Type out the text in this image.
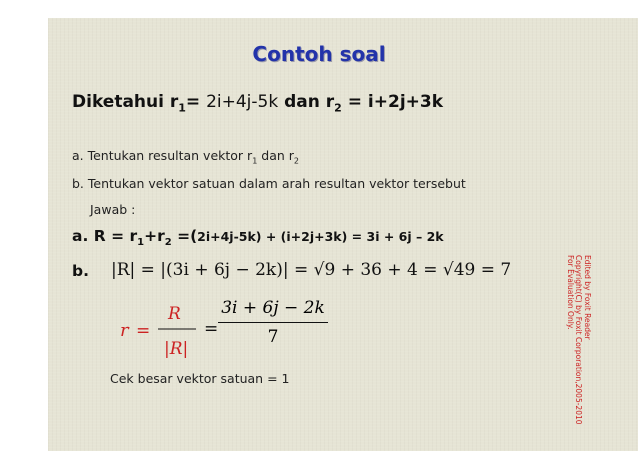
Contoh soal
Diketahui $r_1= 2i+4j-5k$ dan $r_2 = i+2j+3k$
a. Tentukan resultan vektor $r_1$ dan $r_2$
b. Tentukan vektor satuan dalam arah resultan vektor tersebut
Jawab :
a. $R = r_1+r_2 =(2i+4j-5k) + (i+2j+3k) = 3i + 6j - 2k$
b. |R| = |(3i + 6j − 2k)| = √9 + 36 + 4 = √49 = 7
r =
R
|R|
=
3i + 6j − 2k
7
Cek besar vektor satuan = 1
Edited by Foxit Reader
Copyright(C) by Foxit Corporation,2005-2010
For Evaluation Only.
